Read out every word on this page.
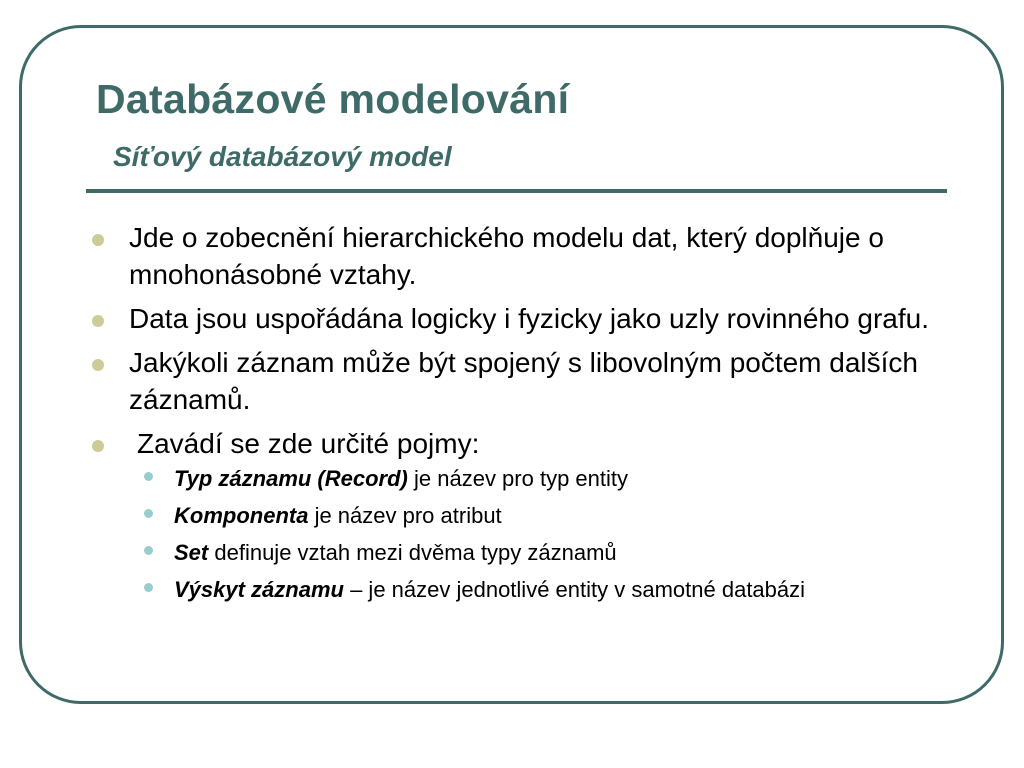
Databázové modelování
Síťový databázový model
Jde o zobecnění hierarchického modelu dat, který doplňuje o mnohonásobné vztahy.
Data jsou uspořádána logicky i fyzicky jako uzly rovinného grafu.
Jakýkoli záznam může být spojený s libovolným počtem dalších záznamů.
Zavádí se zde určité pojmy:
Typ záznamu (Record) je název pro typ entity
Komponenta je název pro atribut
Set definuje vztah mezi dvěma typy záznamů
Výskyt záznamu – je název jednotlivé entity v samotné databázi
